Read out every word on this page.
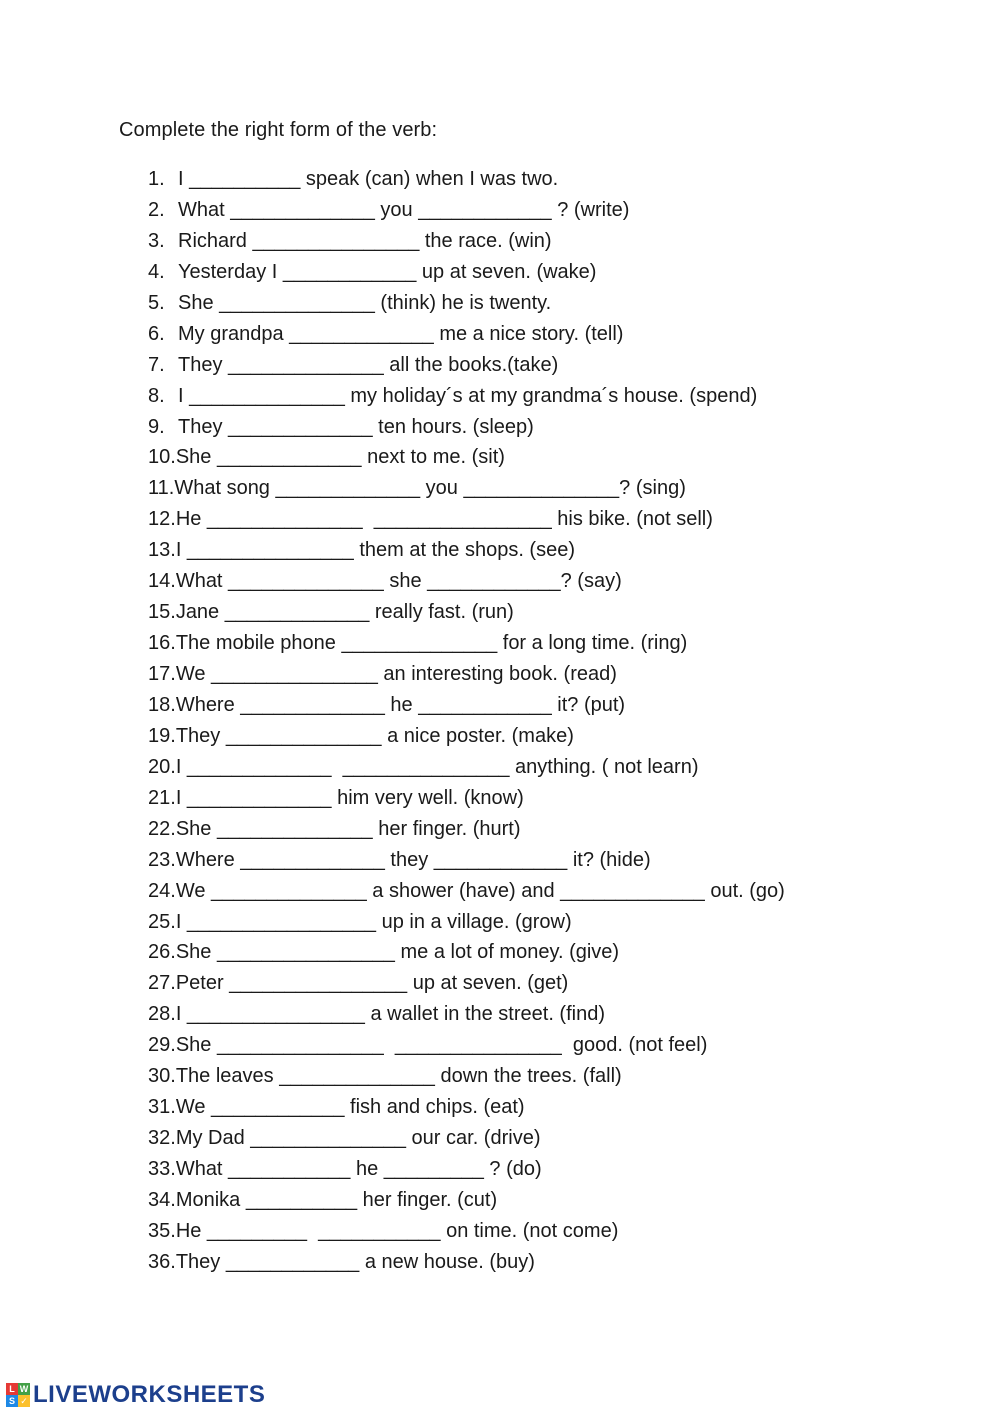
Complete the right form of the verb:
1. I __________ speak (can) when I was two.
2. What _____________ you ____________ ? (write)
3. Richard _______________ the race. (win)
4. Yesterday I ____________ up at seven. (wake)
5. She ______________ (think) he is twenty.
6. My grandpa _____________ me a nice story. (tell)
7. They ______________ all the books.(take)
8. I ______________ my holiday´s at my grandma´s house. (spend)
9. They _____________ ten hours. (sleep)
10. She _____________ next to me. (sit)
11. What song _____________ you ______________? (sing)
12. He ______________  ________________ his bike. (not sell)
13. I _______________ them at the shops. (see)
14. What ______________ she ____________? (say)
15. Jane _____________ really fast. (run)
16. The mobile phone ______________ for a long time. (ring)
17. We _______________ an interesting book. (read)
18. Where _____________ he ____________ it? (put)
19. They ______________ a nice poster. (make)
20. I _____________  _______________ anything. ( not learn)
21. I _____________ him very well. (know)
22. She ______________ her finger. (hurt)
23. Where _____________ they ____________ it? (hide)
24. We ______________ a shower (have) and _____________ out. (go)
25. I _________________ up in a village. (grow)
26. She ________________ me a lot of money. (give)
27. Peter ________________ up at seven. (get)
28. I ________________ a wallet in the street. (find)
29. She _______________  _______________  good. (not feel)
30. The leaves ______________ down the trees. (fall)
31. We ____________ fish and chips. (eat)
32. My Dad ______________ our car. (drive)
33. What ___________ he _________ ? (do)
34. Monika __________ her finger. (cut)
35. He _________  ___________ on time. (not come)
36. They ____________ a new house. (buy)
L W
S ✓ LIVEWORKSHEETS
